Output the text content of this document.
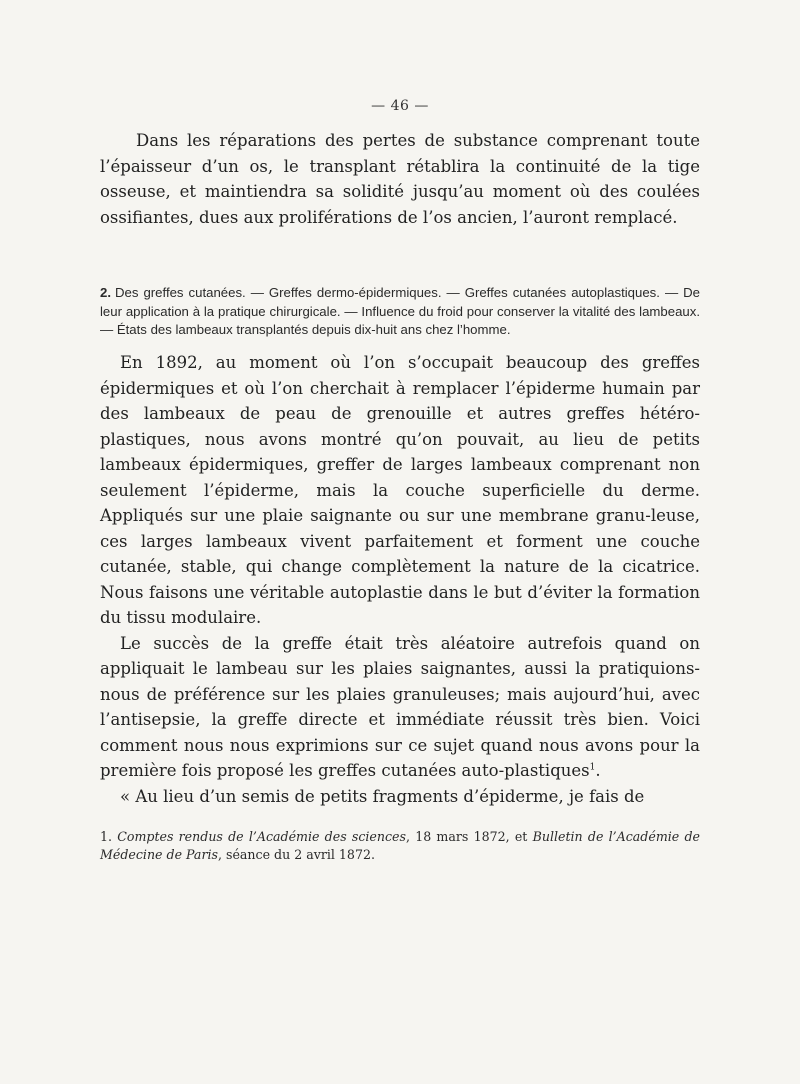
— 46 —
Dans les réparations des pertes de substance comprenant toute l’épaisseur d’un os, le transplant rétablira la continuité de la tige osseuse, et maintiendra sa solidité jusqu’au moment où des coulées ossifiantes, dues aux proliférations de l’os ancien, l’auront remplacé.
2. Des greffes cutanées. — Greffes dermo-épidermiques. — Greffes cutanées autoplastiques. — De leur application à la pratique chirurgicale. — Influence du froid pour conserver la vitalité des lambeaux. — États des lambeaux transplantés depuis dix-huit ans chez l’homme.

En 1892, au moment où l’on s’occupait beaucoup des greffes épidermiques et où l’on cherchait à remplacer l’épiderme humain par des lambeaux de peau de grenouille et autres greffes hétéro-plastiques, nous avons montré qu’on pouvait, au lieu de petits lambeaux épidermiques, greffer de larges lambeaux comprenant non seulement l’épiderme, mais la couche superficielle du derme. Appliqués sur une plaie saignante ou sur une membrane granu-leuse, ces larges lambeaux vivent parfaitement et forment une couche cutanée, stable, qui change complètement la nature de la cicatrice. Nous faisons une véritable autoplastie dans le but d’éviter la formation du tissu modulaire.

Le succès de la greffe était très aléatoire autrefois quand on appliquait le lambeau sur les plaies saignantes, aussi la pratiquions-nous de préférence sur les plaies granuleuses; mais aujourd’hui, avec l’antisepsie, la greffe directe et immédiate réussit très bien. Voici comment nous nous exprimions sur ce sujet quand nous avons pour la première fois proposé les greffes cutanées auto-plastiques$^1$.

« Au lieu d’un semis de petits fragments d’épiderme, je fais de

1. Comptes rendus de l’Académie des sciences, 18 mars 1872, et Bulletin de l’Académie de Médecine de Paris, séance du 2 avril 1872.
